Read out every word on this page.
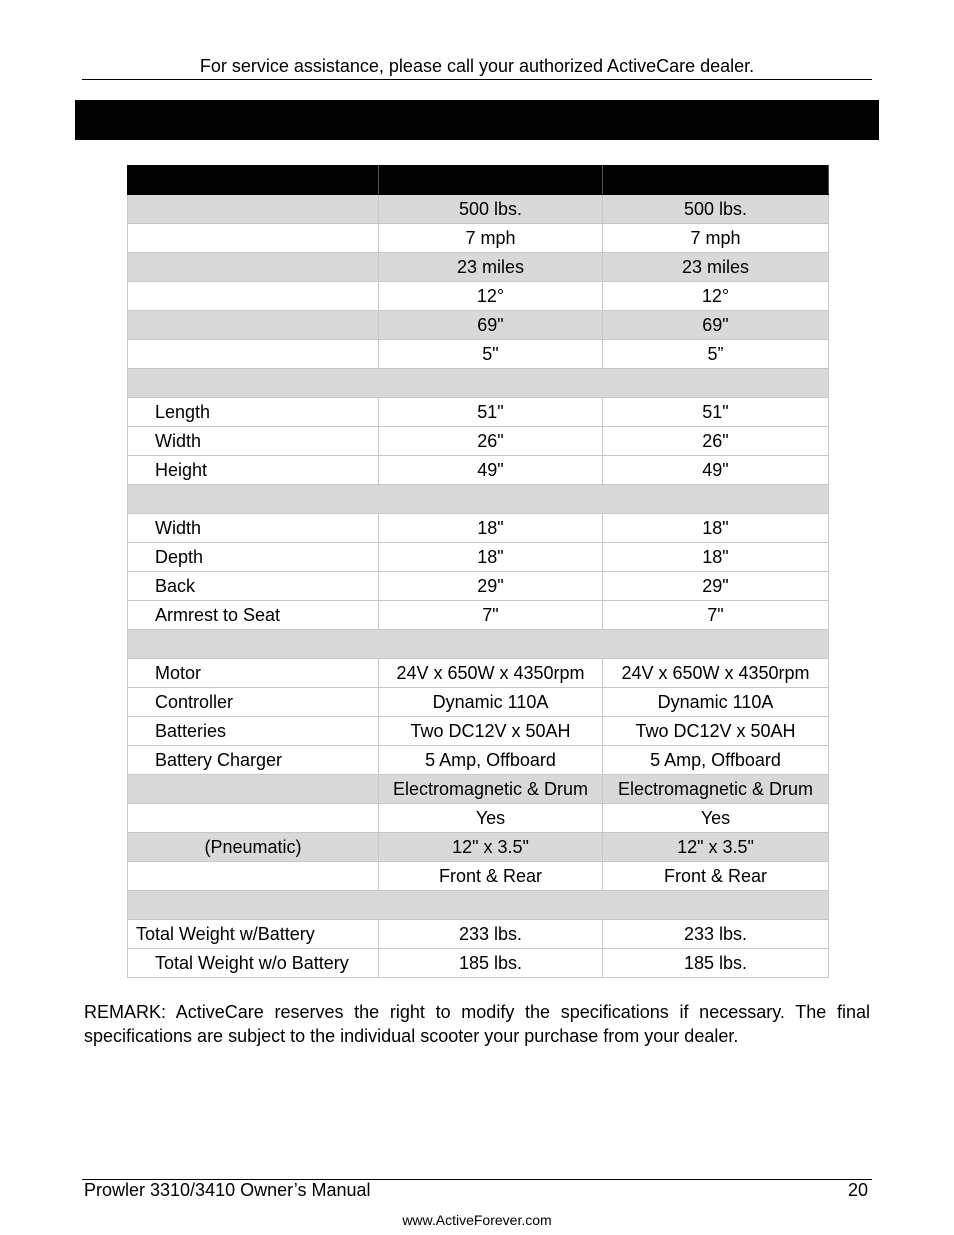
For service assistance, please call your authorized ActiveCare dealer.

	500 lbs.	500 lbs.
	7 mph	7 mph
	23 miles	23 miles
	12°	12°
	69"	69"
	5"	5”

Length	51"	51"
Width	26"	26"
Height	49"	49"

Width	18"	18"
Depth	18"	18"
Back	29"	29"
Armrest to Seat	7"	7"

Motor	24V x 650W x 4350rpm	24V x 650W x 4350rpm
Controller	Dynamic 110A	Dynamic 110A
Batteries	Two DC12V x 50AH	Two DC12V x 50AH
Battery Charger	5 Amp, Offboard	5 Amp, Offboard
	Electromagnetic & Drum	Electromagnetic & Drum
	Yes	Yes
(Pneumatic)	12" x 3.5"	12" x 3.5"
	Front & Rear	Front & Rear

Total Weight w/Battery	233 lbs.	233 lbs.
Total Weight w/o Battery	185 lbs.	185 lbs.
REMARK: ActiveCare reserves the right to modify the specifications if necessary. The final specifications are subject to the individual scooter your purchase from your dealer.
Prowler 3310/3410 Owner’s Manual	20
www.ActiveForever.com
